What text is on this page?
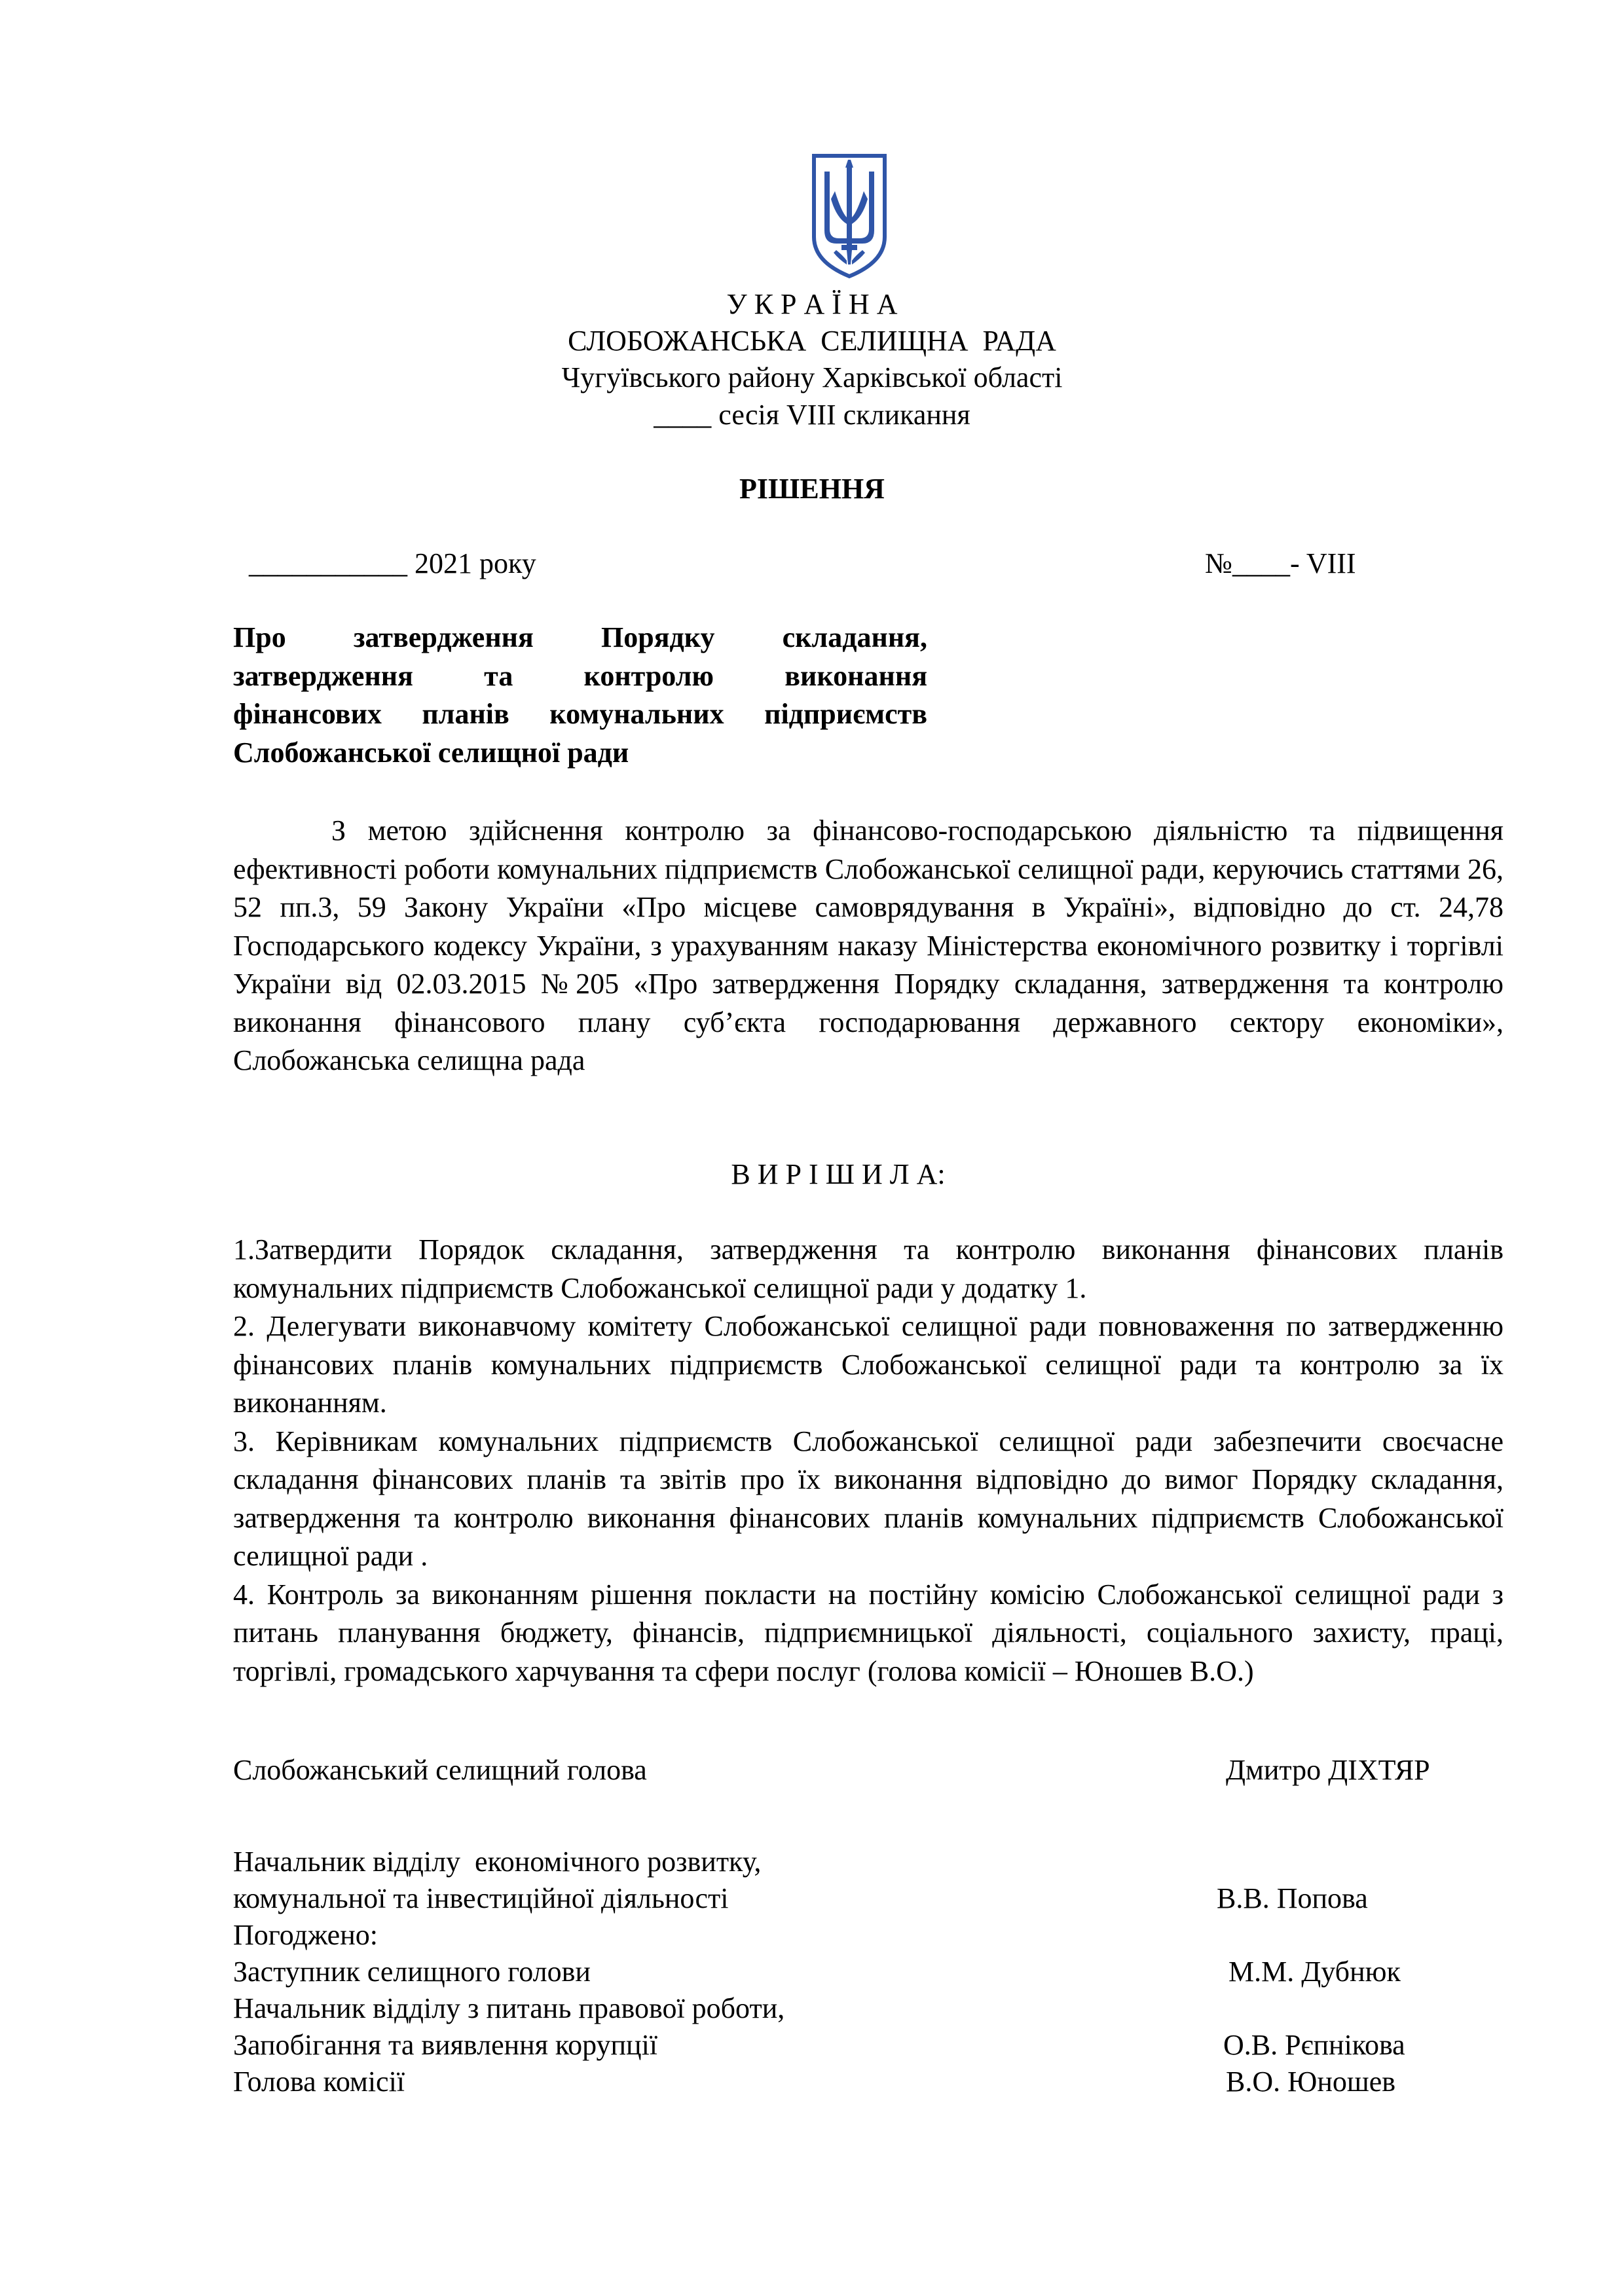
У К Р А Ї Н А
СЛОБОЖАНСЬКА  СЕЛИЩНА  РАДА
Чугуївського району Харківської області
____ сесія VIII скликання
РІШЕННЯ
___________ 2021 року	№____- VIII
Про затвердження Порядку складання,
затвердження та контролю виконання
фінансових планів комунальних підприємств
Слобожанської селищної ради

З метою здійснення контролю за фінансово-господарською діяльністю та підвищення ефективності роботи комунальних підприємств Слобожанської селищної ради, керуючись статтями 26, 52 пп.3, 59 Закону України «Про місцеве самоврядування в Україні», відповідно до ст. 24,78 Господарського кодексу України, з урахуванням наказу Міністерства економічного розвитку і торгівлі України від 02.03.2015 №205 «Про затвердження Порядку складання, затвердження та контролю виконання фінансового плану суб’єкта господарювання державного сектору економіки», Слобожанська селищна рада

В И Р І Ш И Л А:

1.Затвердити Порядок складання, затвердження та контролю виконання фінансових планів комунальних підприємств Слобожанської селищної ради у додатку 1.

2. Делегувати виконавчому комітету Слобожанської селищної ради повноваження по затвердженню фінансових планів комунальних підприємств Слобожанської селищної ради та контролю за їх виконанням.

3. Керівникам комунальних підприємств Слобожанської селищної ради забезпечити своєчасне складання фінансових планів та звітів про їх виконання відповідно до вимог Порядку складання, затвердження та контролю виконання фінансових планів комунальних підприємств Слобожанської селищної ради .

4. Контроль за виконанням рішення покласти на постійну комісію Слобожанської селищної ради з питань планування бюджету, фінансів, підприємницької діяльності, соціального захисту, праці, торгівлі, громадського харчування та сфери послуг (голова комісії – Юношев В.О.)

Слобожанський селищний голова	Дмитро ДІХТЯР
Начальник відділу  економічного розвитку,
комунальної та інвестиційної діяльності	В.В. Попова
Погоджено:
Заступник селищного голови	М.М. Дубнюк
Начальник відділу з питань правової роботи,
Запобігання та виявлення корупції	О.В. Рєпнікова
Голова комісії	В.О. Юношев
